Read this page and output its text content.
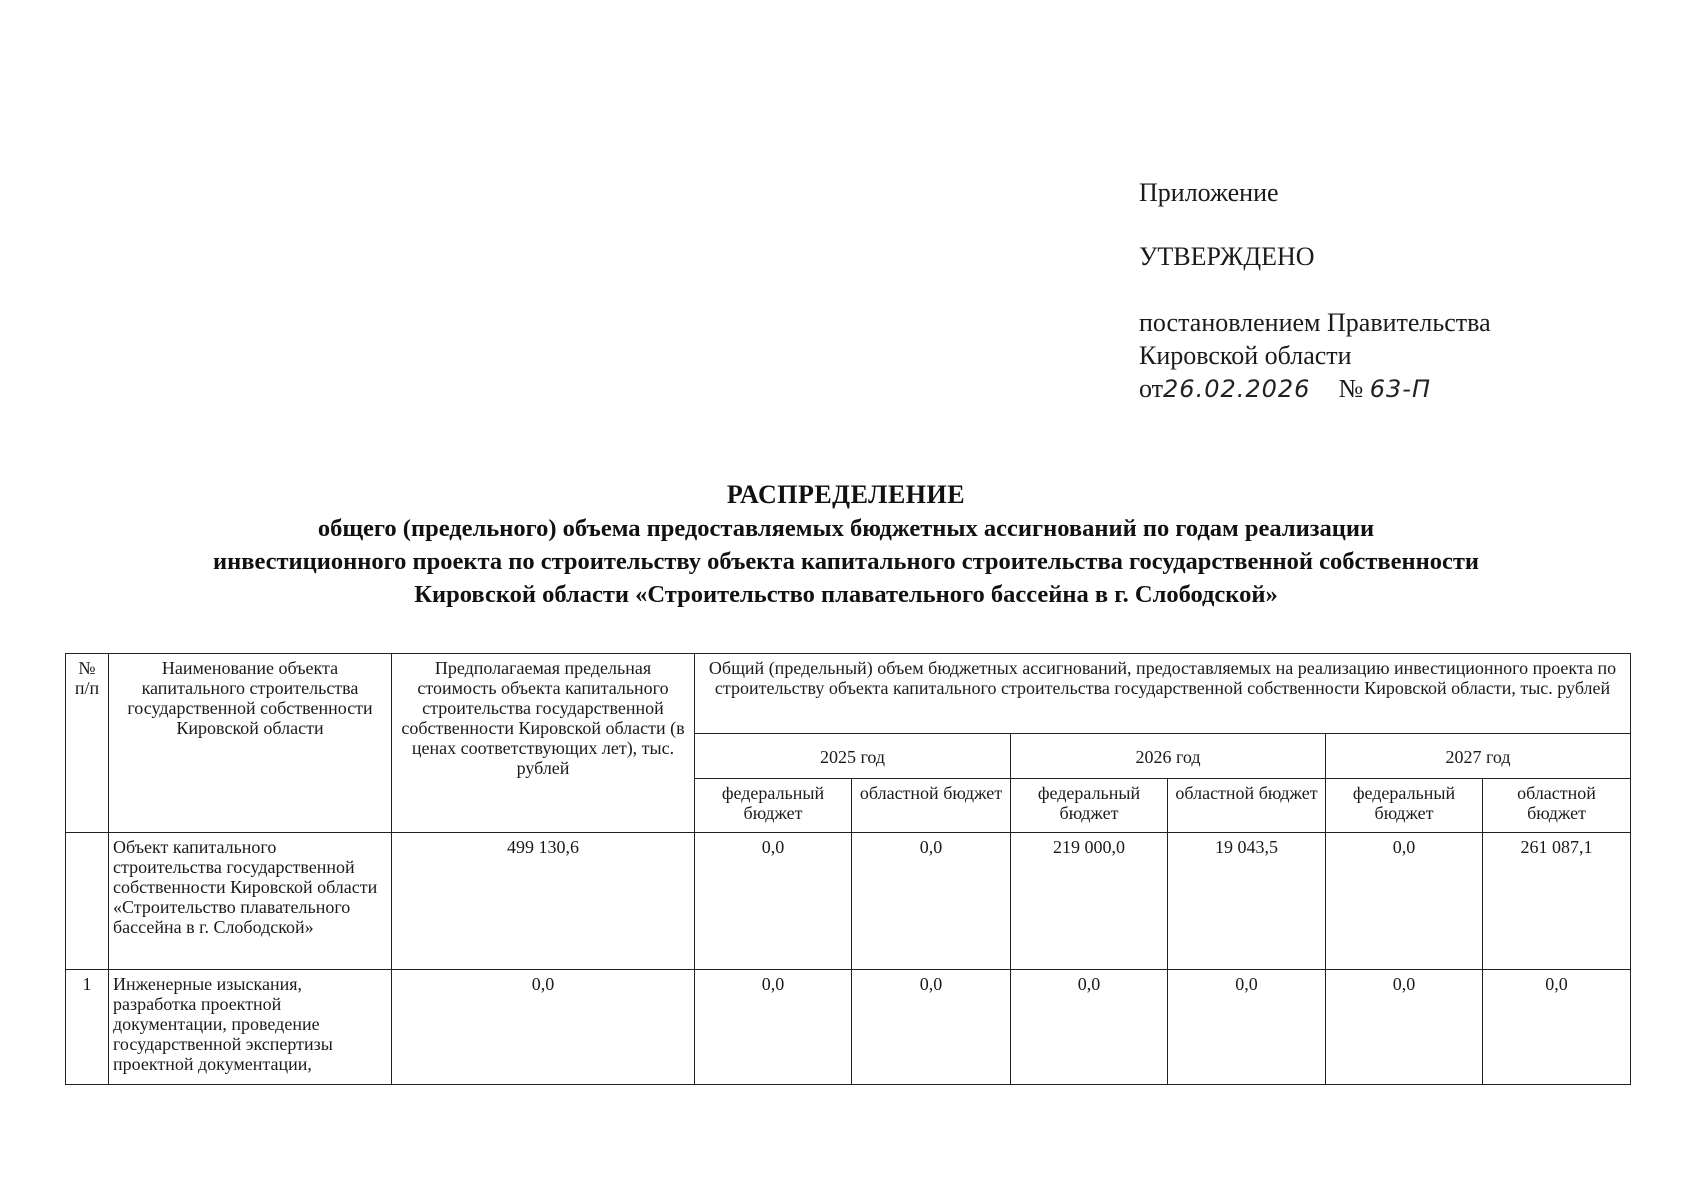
Приложение
УТВЕРЖДЕНО
постановлением Правительства
Кировской области
от26.02.2026 № 63-П
РАСПРЕДЕЛЕНИЕ
общего (предельного) объема предоставляемых бюджетных ассигнований по годам реализации
инвестиционного проекта по строительству объекта капитального строительства государственной собственности
Кировской области «Строительство плавательного бассейна в г. Слободской»
№ п/п	Наименование объекта капитального строительства государственной собственности Кировской области	Предполагаемая предельная стоимость объекта капитального строительства государственной собственности Кировской области (в ценах соответствующих лет), тыс. рублей	Общий (предельный) объем бюджетных ассигнований, предоставляемых на реализацию инвестиционного проекта по строительству объекта капитального строительства государственной собственности Кировской области, тыс. рублей					
			2025 год		2026 год		2027 год	
			федеральный бюджет	областной бюджет	федеральный бюджет	областной бюджет	федеральный бюджет	областной бюджет
	Объект капитального строительства государственной собственности Кировской области «Строительство плавательного бассейна в г. Слободской»	499 130,6	0,0	0,0	219 000,0	19 043,5	0,0	261 087,1
1	Инженерные изыскания, разработка проектной документации, проведение государственной экспертизы проектной документации,	0,0	0,0	0,0	0,0	0,0	0,0	0,0
